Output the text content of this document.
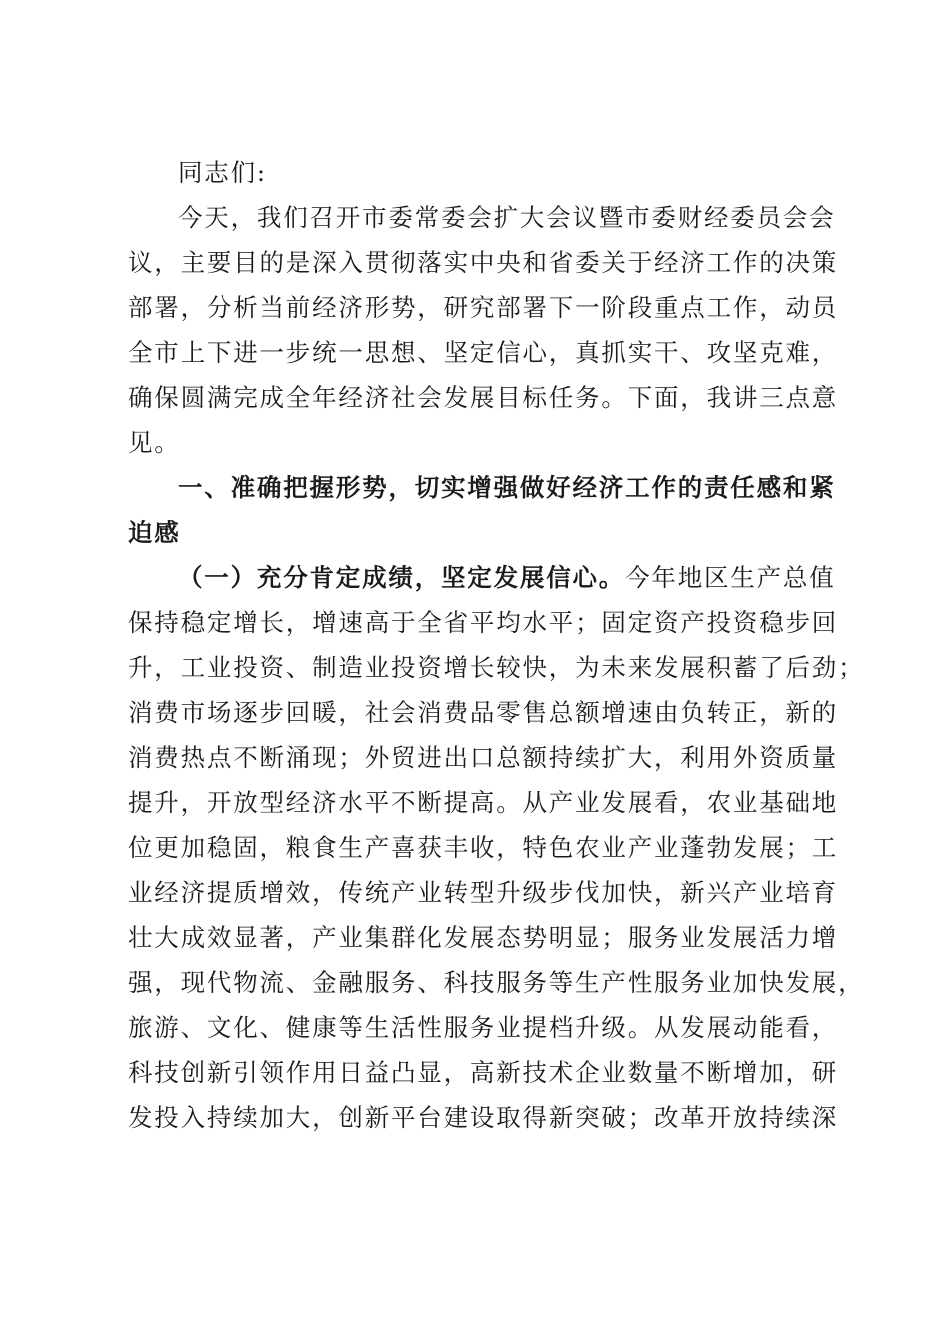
同志们:
今天，我们召开市委常委会扩大会议暨市委财经委员会会
议，主要目的是深入贯彻落实中央和省委关于经济工作的决策
部署，分析当前经济形势，研究部署下一阶段重点工作，动员
全市上下进一步统一思想、坚定信心，真抓实干、攻坚克难，
确保圆满完成全年经济社会发展目标任务。下面，我讲三点意
见。
一、准确把握形势，切实增强做好经济工作的责任感和紧
迫感
（一）充分肯定成绩，坚定发展信心。今年地区生产总值
保持稳定增长，增速高于全省平均水平；固定资产投资稳步回
升，工业投资、制造业投资增长较快，为未来发展积蓄了后劲；
消费市场逐步回暖，社会消费品零售总额增速由负转正，新的
消费热点不断涌现；外贸进出口总额持续扩大，利用外资质量
提升，开放型经济水平不断提高。从产业发展看，农业基础地
位更加稳固，粮食生产喜获丰收，特色农业产业蓬勃发展；工
业经济提质增效，传统产业转型升级步伐加快，新兴产业培育
壮大成效显著，产业集群化发展态势明显；服务业发展活力增
强，现代物流、金融服务、科技服务等生产性服务业加快发展，
旅游、文化、健康等生活性服务业提档升级。从发展动能看，
科技创新引领作用日益凸显，高新技术企业数量不断增加，研
发投入持续加大，创新平台建设取得新突破；改革开放持续深
